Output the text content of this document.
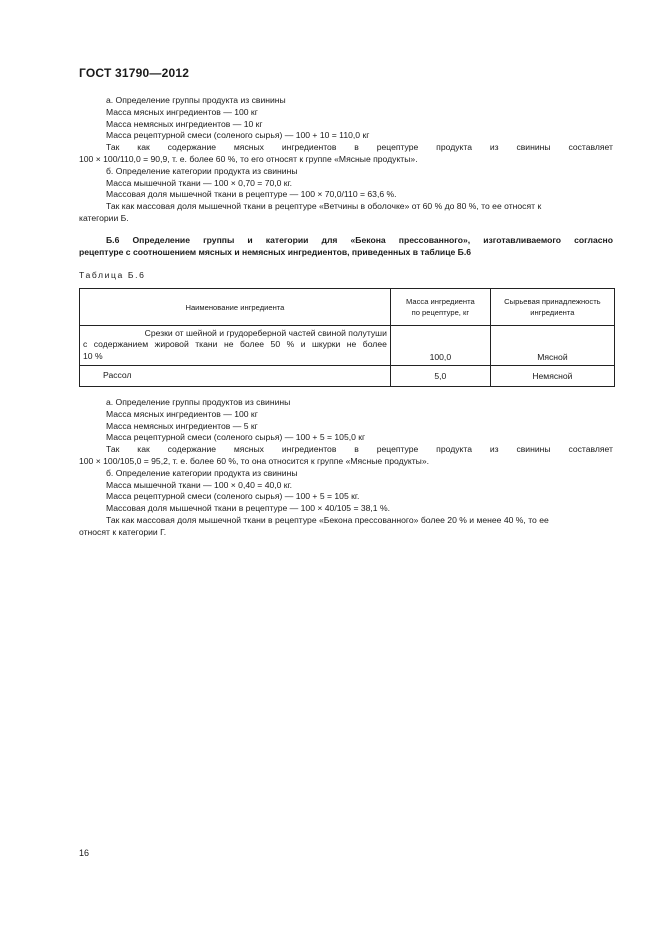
ГОСТ 31790—2012

а. Определение группы продукта из свинины

Масса мясных ингредиентов — 100 кг

Масса немясных ингредиентов — 10 кг

Масса рецептурной смеси (соленого сырья) — 100 + 10 = 110,0 кг

Так как содержание мясных ингредиентов в рецептуре продукта из свинины составляет

100 × 100/110,0 = 90,9, т. е. более 60 %, то его относят к группе «Мясные продукты».

б. Определение категории продукта из свинины

Масса мышечной ткани — 100 × 0,70 = 70,0 кг.

Массовая доля мышечной ткани в рецептуре — 100 × 70,0/110 = 63,6 %.

Так как массовая доля мышечной ткани в рецептуре «Ветчины в оболочке» от 60 % до 80 %, то ее относят к

категории Б.

Б.6 Определение группы и категории для «Бекона прессованного», изготавливаемого согласно

рецептуре с соотношением мясных и немясных ингредиентов, приведенных в таблице Б.6

Таблица Б.6
Наименование ингредиента	Масса ингредиента по рецептуре, кг	Сырьевая принадлежность ингредиента

Срезки от шейной и грудореберной частей свиной полутуши
с содержанием жировой ткани не более 50 % и шкурки не более
10 %	100,0	Мясной
Рассол	5,0	Немясной

а. Определение группы продуктов из свинины

Масса мясных ингредиентов — 100 кг

Масса немясных ингредиентов — 5 кг

Масса рецептурной смеси (соленого сырья) — 100 + 5 = 105,0 кг

Так как содержание мясных ингредиентов в рецептуре продукта из свинины составляет

100 × 100/105,0 = 95,2, т. е. более 60 %, то она относится к группе «Мясные продукты».

б. Определение категории продукта из свинины

Масса мышечной ткани — 100 × 0,40 = 40,0 кг.

Масса рецептурной смеси (соленого сырья) — 100 + 5 = 105 кг.

Массовая доля мышечной ткани в рецептуре — 100 × 40/105 = 38,1 %.

Так как массовая доля мышечной ткани в рецептуре «Бекона прессованного» более 20 % и менее 40 %, то ее

относят к категории Г.

16
